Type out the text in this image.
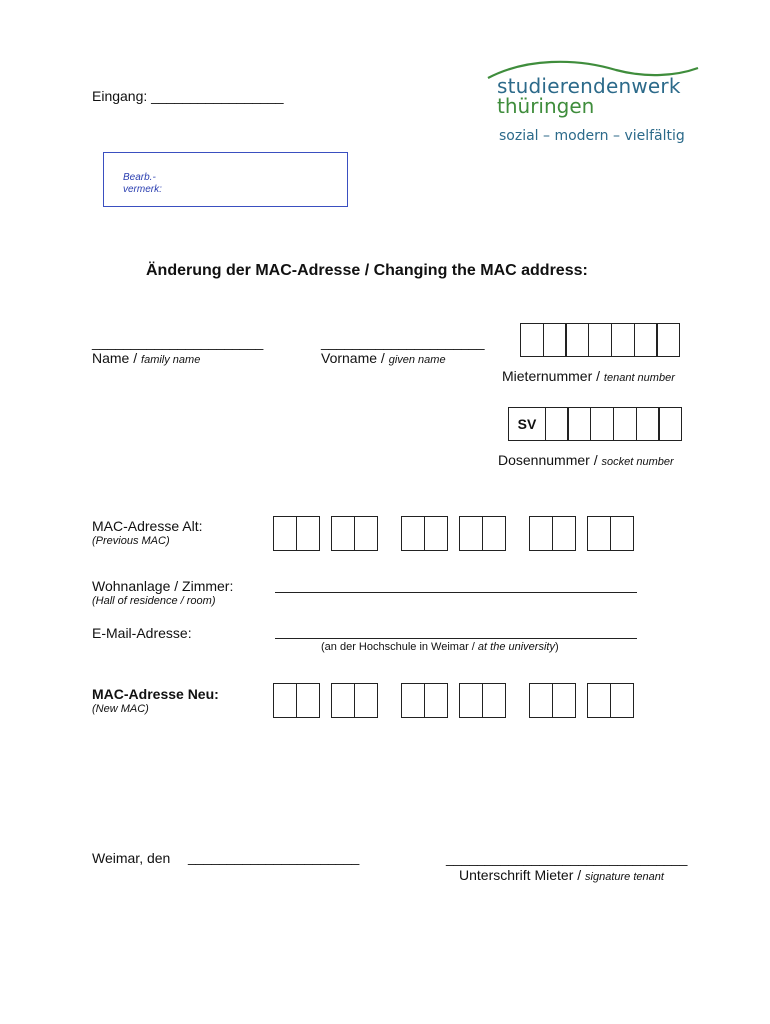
Eingang: _________________
Bearb.-
vermerk:
studierendenwerk
thüringen
sozial – modern – vielfältig
Änderung der MAC-Adresse / Changing the MAC address:
______________________
Name / family name
_____________________
Vorname / given name
Mieternummer / tenant number
SV
Dosennummer / socket number
MAC-Adresse Alt:
(Previous MAC)
Wohnanlage / Zimmer:
(Hall of residence / room)
E-Mail-Adresse:
(an der Hochschule in Weimar / at the university)
MAC-Adresse Neu:
(New MAC)
Weimar, den ______________________	_______________________________
Unterschrift Mieter / signature tenant
